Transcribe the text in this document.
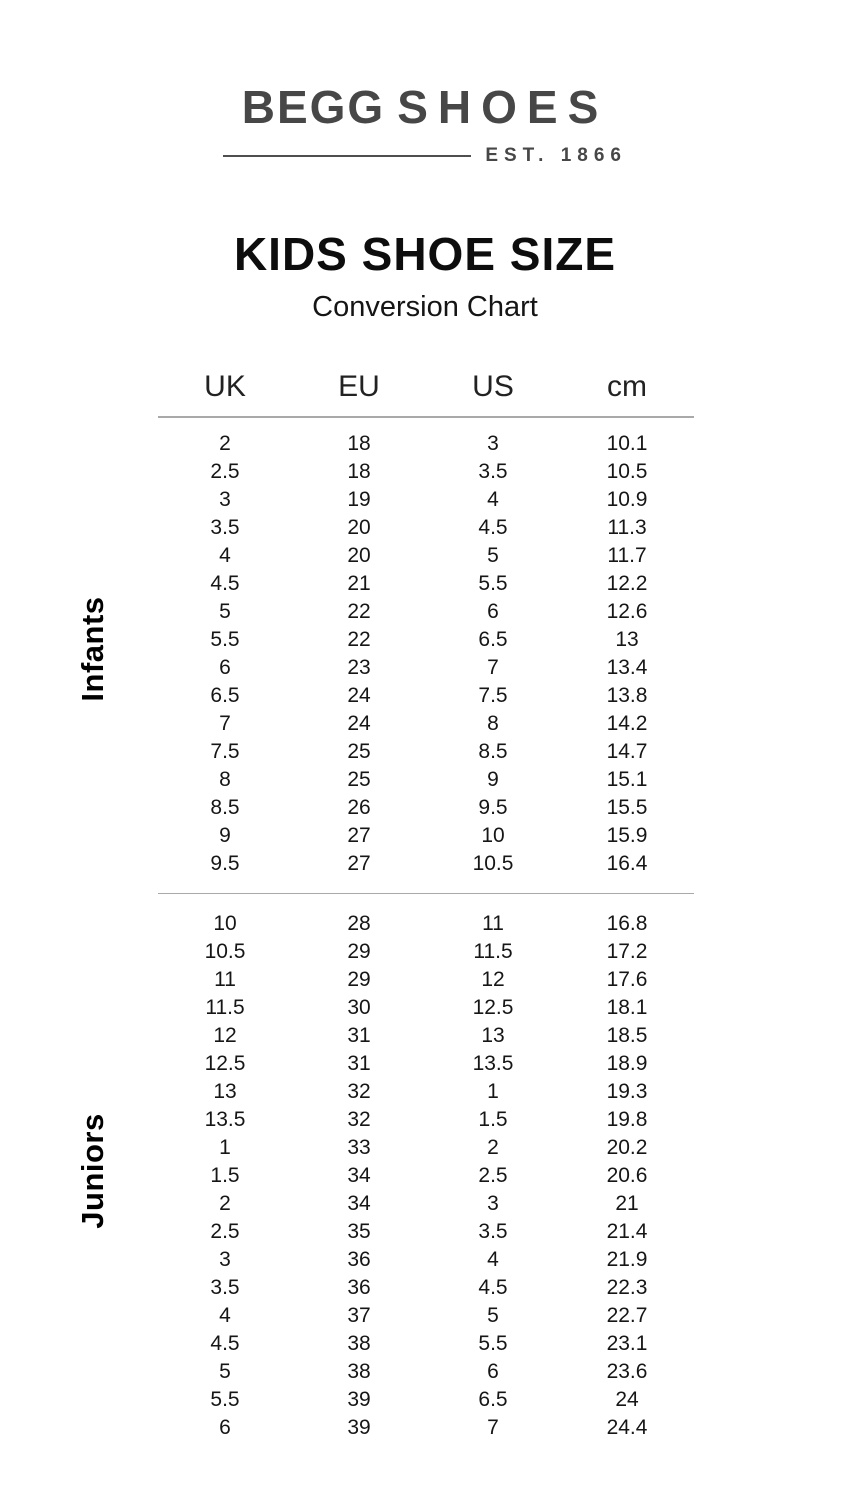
BEGG SHOES
EST. 1866
KIDS SHOE SIZE
Conversion Chart
UK	EU	US	cm
Infants
2	18	3	10.1
2.5	18	3.5	10.5
3	19	4	10.9
3.5	20	4.5	11.3
4	20	5	11.7
4.5	21	5.5	12.2
5	22	6	12.6
5.5	22	6.5	13
6	23	7	13.4
6.5	24	7.5	13.8
7	24	8	14.2
7.5	25	8.5	14.7
8	25	9	15.1
8.5	26	9.5	15.5
9	27	10	15.9
9.5	27	10.5	16.4
Juniors
10	28	11	16.8
10.5	29	11.5	17.2
11	29	12	17.6
11.5	30	12.5	18.1
12	31	13	18.5
12.5	31	13.5	18.9
13	32	1	19.3
13.5	32	1.5	19.8
1	33	2	20.2
1.5	34	2.5	20.6
2	34	3	21
2.5	35	3.5	21.4
3	36	4	21.9
3.5	36	4.5	22.3
4	37	5	22.7
4.5	38	5.5	23.1
5	38	6	23.6
5.5	39	6.5	24
6	39	7	24.4
